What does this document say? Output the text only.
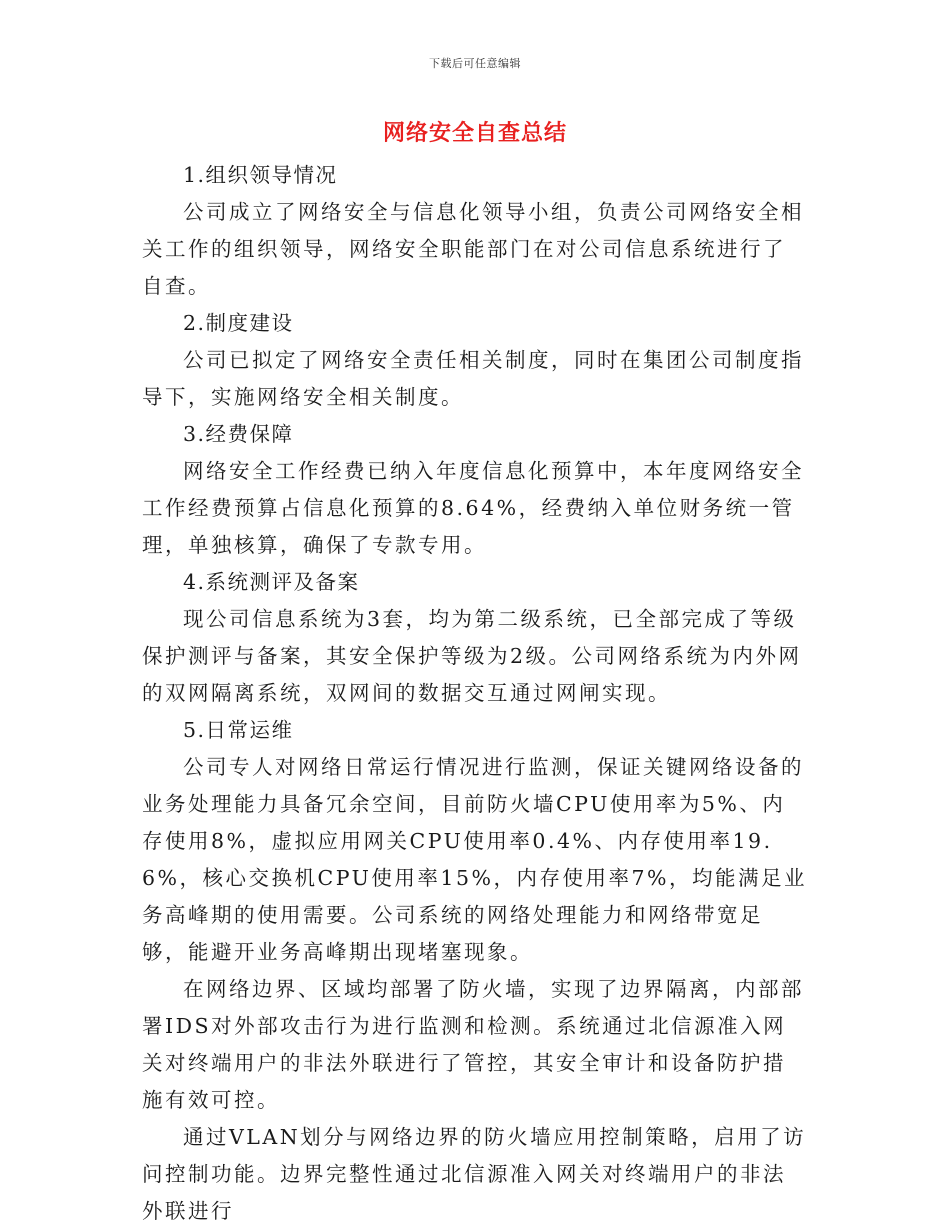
下载后可任意编辑
网络安全自查总结

1.组织领导情况

公司成立了网络安全与信息化领导小组，负责公司网络安全相关工作的组织领导，网络安全职能部门在对公司信息系统进行了自查。

2.制度建设

公司已拟定了网络安全责任相关制度，同时在集团公司制度指导下，实施网络安全相关制度。

3.经费保障

网络安全工作经费已纳入年度信息化预算中，本年度网络安全工作经费预算占信息化预算的8.64%，经费纳入单位财务统一管理，单独核算，确保了专款专用。

4.系统测评及备案

现公司信息系统为3套，均为第二级系统，已全部完成了等级保护测评与备案，其安全保护等级为2级。公司网络系统为内外网的双网隔离系统，双网间的数据交互通过网闸实现。

5.日常运维

公司专人对网络日常运行情况进行监测，保证关键网络设备的业务处理能力具备冗余空间，目前防火墙CPU使用率为5%、内存使用8%，虚拟应用网关CPU使用率0.4%、内存使用率19.6%，核心交换机CPU使用率15%，内存使用率7%，均能满足业务高峰期的使用需要。公司系统的网络处理能力和网络带宽足够，能避开业务高峰期出现堵塞现象。

在网络边界、区域均部署了防火墙，实现了边界隔离，内部部署IDS对外部攻击行为进行监测和检测。系统通过北信源准入网关对终端用户的非法外联进行了管控，其安全审计和设备防护措施有效可控。

通过VLAN划分与网络边界的防火墙应用控制策略，启用了访问控制功能。边界完整性通过北信源准入网关对终端用户的非法外联进行
